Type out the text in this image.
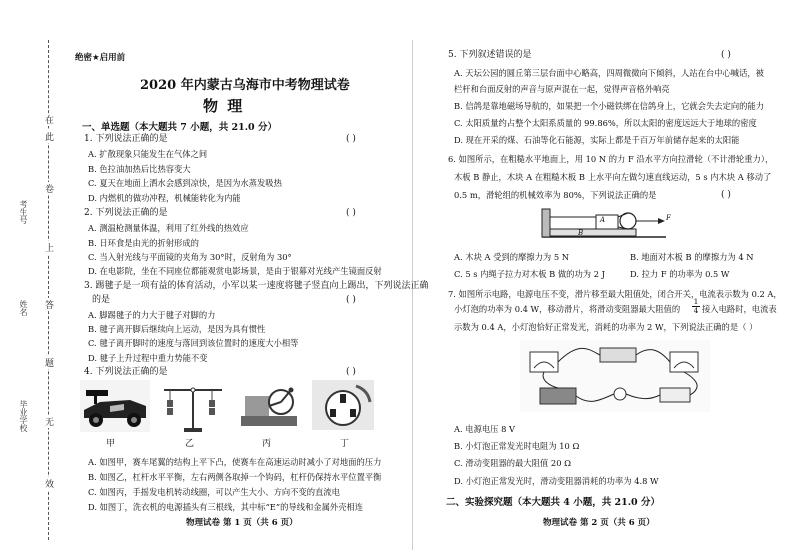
在
此
卷
上
答
题
无
效
考生号
姓名
毕业学校
绝密★启用前
2020 年内蒙古乌海市中考物理试卷
物 理
一、单选题（本大题共 7 小题，共 21.0 分）
1. 下列说法正确的是	( )
A. 扩散现象只能发生在气体之间
B. 色拉油加热后比热容变大
C. 夏天在地面上洒水会感到凉快，是因为水蒸发吸热
D. 内燃机的做功冲程，机械能转化为内能
2. 下列说法正确的是	( )
A. 测温枪测量体温，利用了红外线的热效应
B. 日环食是由光的折射形成的
C. 当入射光线与平面镜的夹角为 30°时，反射角为 30°
D. 在电影院，坐在不同座位都能观赏电影场景，是由于银幕对光线产生镜面反射
3. 踢毽子是一项有益的体育活动，小军以某一速度将毽子竖直向上踢出，下列说法正确
的是	( )
A. 脚踢毽子的力大于毽子对脚的力
B. 毽子离开脚后继续向上运动，是因为具有惯性
C. 毽子离开脚时的速度与落回到该位置时的速度大小相等
D. 毽子上升过程中重力势能不变
4. 下列说法正确的是	( )
甲	乙	丙	丁
A. 如图甲，赛车尾翼的结构上平下凸，使赛车在高速运动时减小了对地面的压力
B. 如图乙，杠杆水平平衡，左右两侧各取掉一个钩码，杠杆仍保持水平位置平衡
C. 如图丙，手摇发电机转动线圈，可以产生大小、方向不变的直流电
D. 如图丁，洗衣机的电源插头有三根线，其中标“E”的导线和金属外壳相连
物理试卷 第 1 页（共 6 页）
5. 下列叙述错误的是	( )
A. 天坛公园的圆丘第三层台面中心略高，四周微微向下倾斜，人站在台中心喊话，被
栏杆和台面反射的声音与原声混在一起，觉得声音格外响亮
B. 信鸽是靠地磁场导航的，如果把一个小磁铁绑在信鸽身上，它就会失去定向的能力
C. 太阳质量约占整个太阳系质量的 99.86%，所以太阳的密度远远大于地球的密度
D. 现在开采的煤、石油等化石能源，实际上都是千百万年前储存起来的太阳能
6. 如图所示，在粗糙水平地面上，用 10 N 的力 F 沿水平方向拉滑轮（不计滑轮重力），
木板 B 静止，木块 A 在粗糙木板 B 上水平向左做匀速直线运动，5 s 内木块 A 移动了
0.5 m，滑轮组的机械效率为 80%，下列说法正确的是	( )
A
B
F
A. 木块 A 受到的摩擦力为 5 N	B. 地面对木板 B 的摩擦力为 4 N
C. 5 s 内绳子拉力对木板 B 做的功为 2 J	D. 拉力 F 的功率为 0.5 W
7. 如图所示电路，电源电压不变，滑片移至最大阻值处，闭合开关，电流表示数为 0.2 A，
小灯泡的功率为 0.4 W，移动滑片，将滑动变阻器最大阻值的 $\frac{1}{4}$ 接入电路时，电流表
示数为 0.4 A，小灯泡恰好正常发光，消耗的功率为 2 W，下列说法正确的是（ ）
A. 电源电压 8 V
B. 小灯泡正常发光时电阻为 10 Ω
C. 滑动变阻器的最大阻值 20 Ω
D. 小灯泡正常发光时，滑动变阻器消耗的功率为 4.8 W
二、实验探究题（本大题共 4 小题，共 21.0 分）
物理试卷 第 2 页（共 6 页）
